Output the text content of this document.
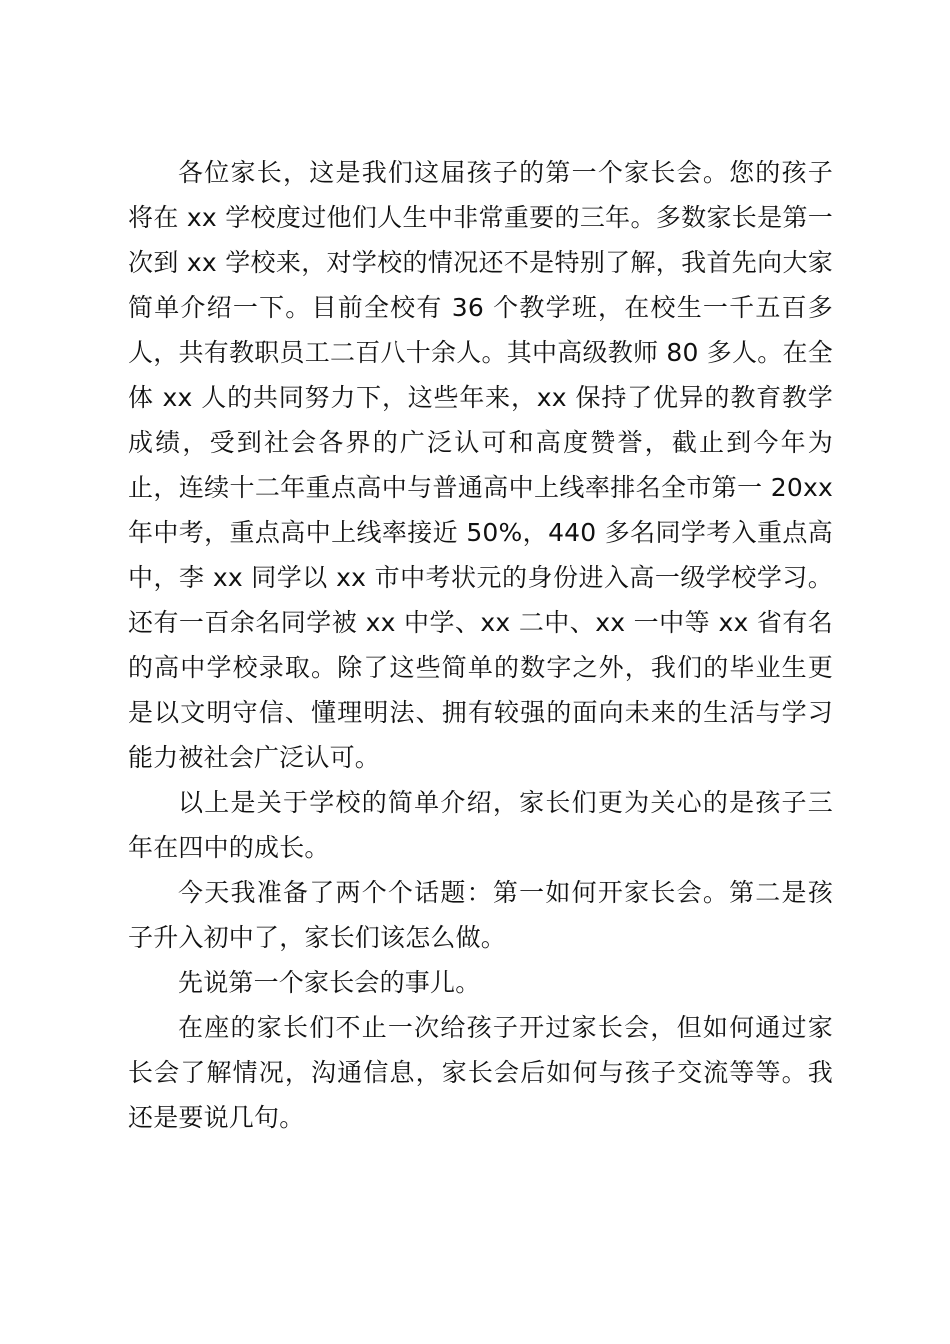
各位家长，这是我们这届孩子的第一个家长会。您的孩子将在 xx 学校度过他们人生中非常重要的三年。多数家长是第一次到 xx 学校来，对学校的情况还不是特别了解，我首先向大家简单介绍一下。目前全校有 36 个教学班，在校生一千五百多人，共有教职员工二百八十余人。其中高级教师 80 多人。在全体 xx 人的共同努力下，这些年来，xx 保持了优异的教育教学成绩，受到社会各界的广泛认可和高度赞誉，截止到今年为止，连续十二年重点高中与普通高中上线率排名全市第一 20xx 年中考，重点高中上线率接近 50%，440 多名同学考入重点高中，李 xx 同学以 xx 市中考状元的身份进入高一级学校学习。还有一百余名同学被 xx 中学、xx 二中、xx 一中等 xx 省有名的高中学校录取。除了这些简单的数字之外，我们的毕业生更是以文明守信、懂理明法、拥有较强的面向未来的生活与学习能力被社会广泛认可。

以上是关于学校的简单介绍，家长们更为关心的是孩子三年在四中的成长。

今天我准备了两个个话题：第一如何开家长会。第二是孩子升入初中了，家长们该怎么做。

先说第一个家长会的事儿。

在座的家长们不止一次给孩子开过家长会，但如何通过家长会了解情况，沟通信息，家长会后如何与孩子交流等等。我还是要说几句。
